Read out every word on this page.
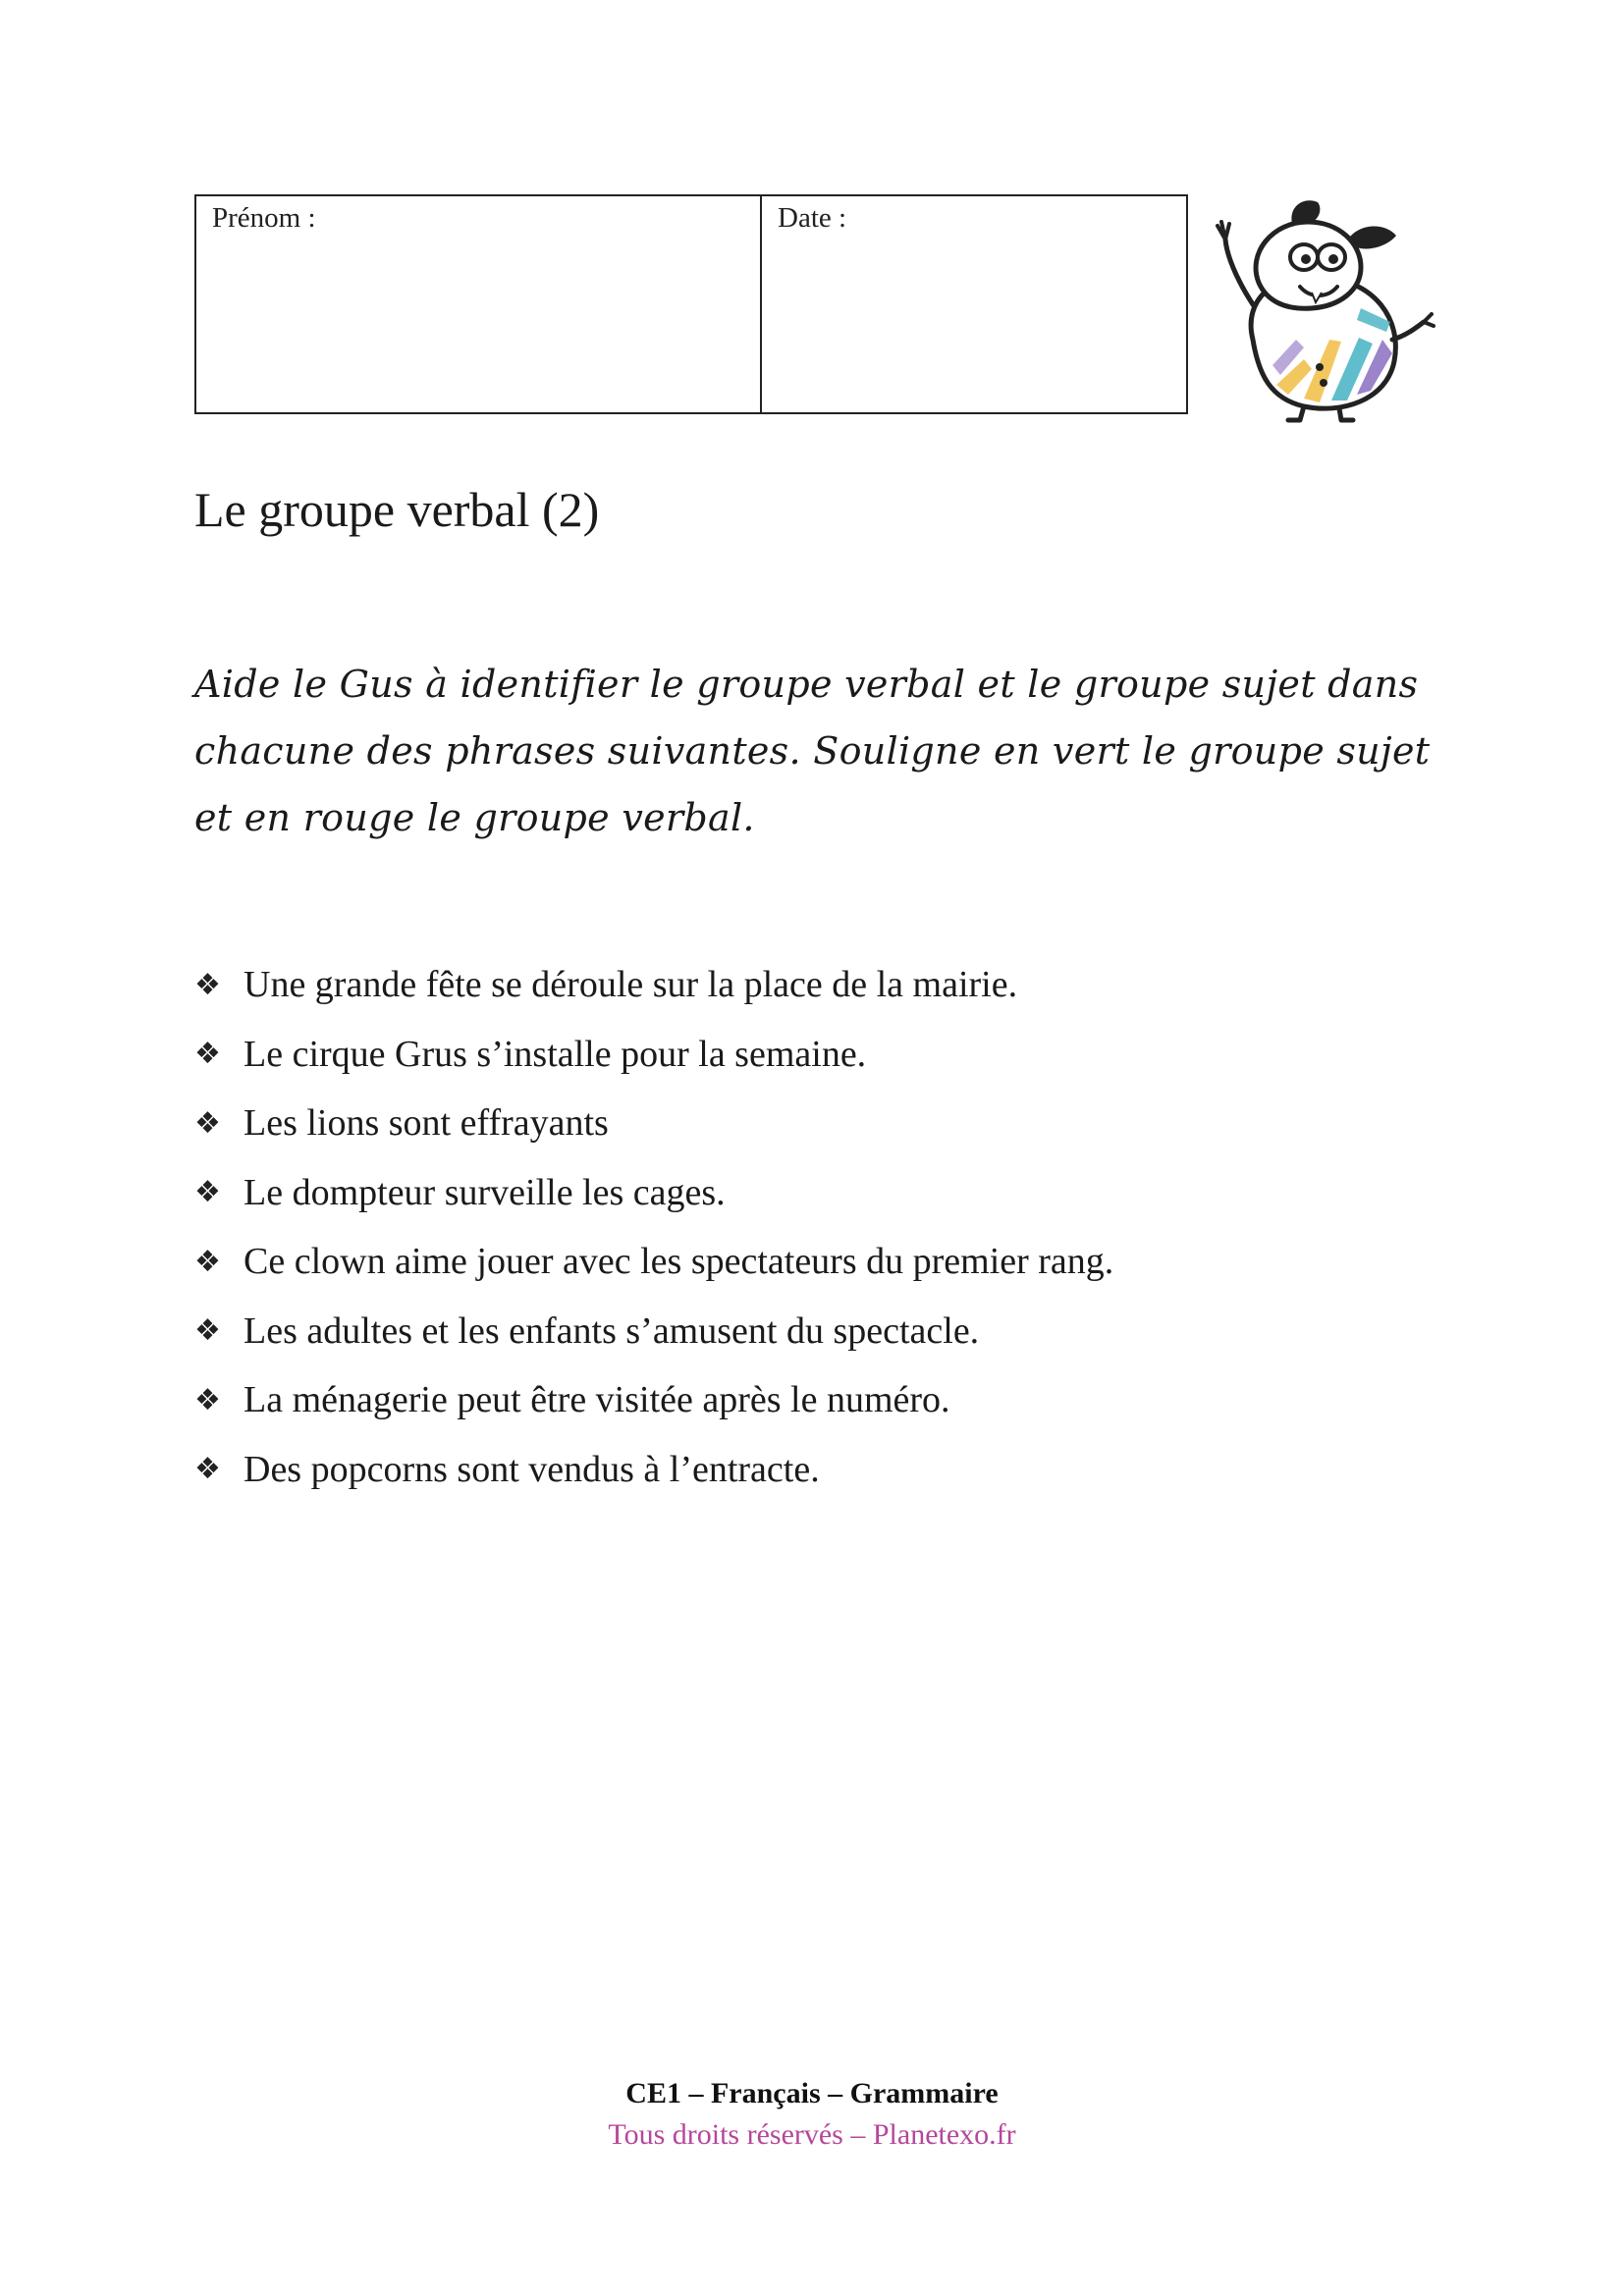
Prénom :	Date :
Le groupe verbal (2)

Aide le Gus à identifier le groupe verbal et le groupe sujet dans chacune des phrases suivantes. Souligne en vert le groupe sujet et en rouge le groupe verbal.

❖ Une grande fête se déroule sur la place de la mairie.
❖ Le cirque Grus s’installe pour la semaine.
❖ Les lions sont effrayants
❖ Le dompteur surveille les cages.
❖ Ce clown aime jouer avec les spectateurs du premier rang.
❖ Les adultes et les enfants s’amusent du spectacle.
❖ La ménagerie peut être visitée après le numéro.
❖ Des popcorns sont vendus à l’entracte.
CE1 – Français – Grammaire
Tous droits réservés – Planetexo.fr
